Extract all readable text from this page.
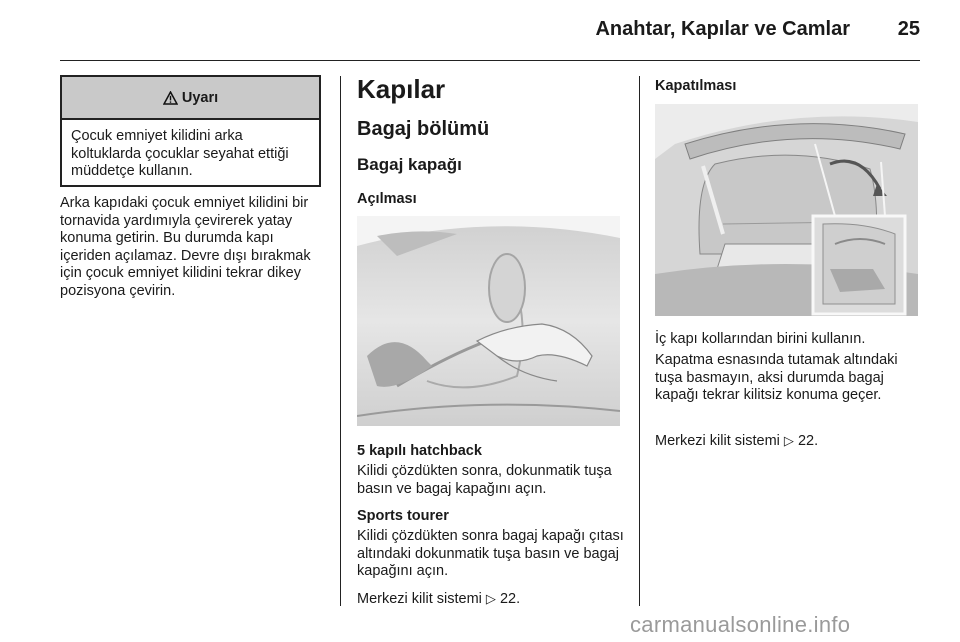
Anahtar, Kapılar ve Camlar	25
Uyarı
Çocuk emniyet kilidini arka koltuklarda çocuklar seyahat ettiği müddetçe kullanın.
Arka kapıdaki çocuk emniyet kilidini bir tornavida yardımıyla çevirerek yatay konuma getirin. Bu durumda kapı içeriden açılamaz. Devre dışı bırakmak için çocuk emniyet kilidini tekrar dikey pozisyona çevirin.
Kapılar
Bagaj bölümü
Bagaj kapağı
Açılması
5 kapılı hatchback
Kilidi çözdükten sonra, dokunmatik tuşa basın ve bagaj kapağını açın.
Sports tourer
Kilidi çözdükten sonra bagaj kapağı çıtası altındaki dokunmatik tuşa basın ve bagaj kapağını açın.
Merkezi kilit sistemi ▷ 22.
Kapatılması
İç kapı kollarından birini kullanın.
Kapatma esnasında tutamak altındaki tuşa basmayın, aksi durumda bagaj kapağı tekrar kilitsiz konuma geçer.
Merkezi kilit sistemi ▷ 22.
carmanualsonline.info
